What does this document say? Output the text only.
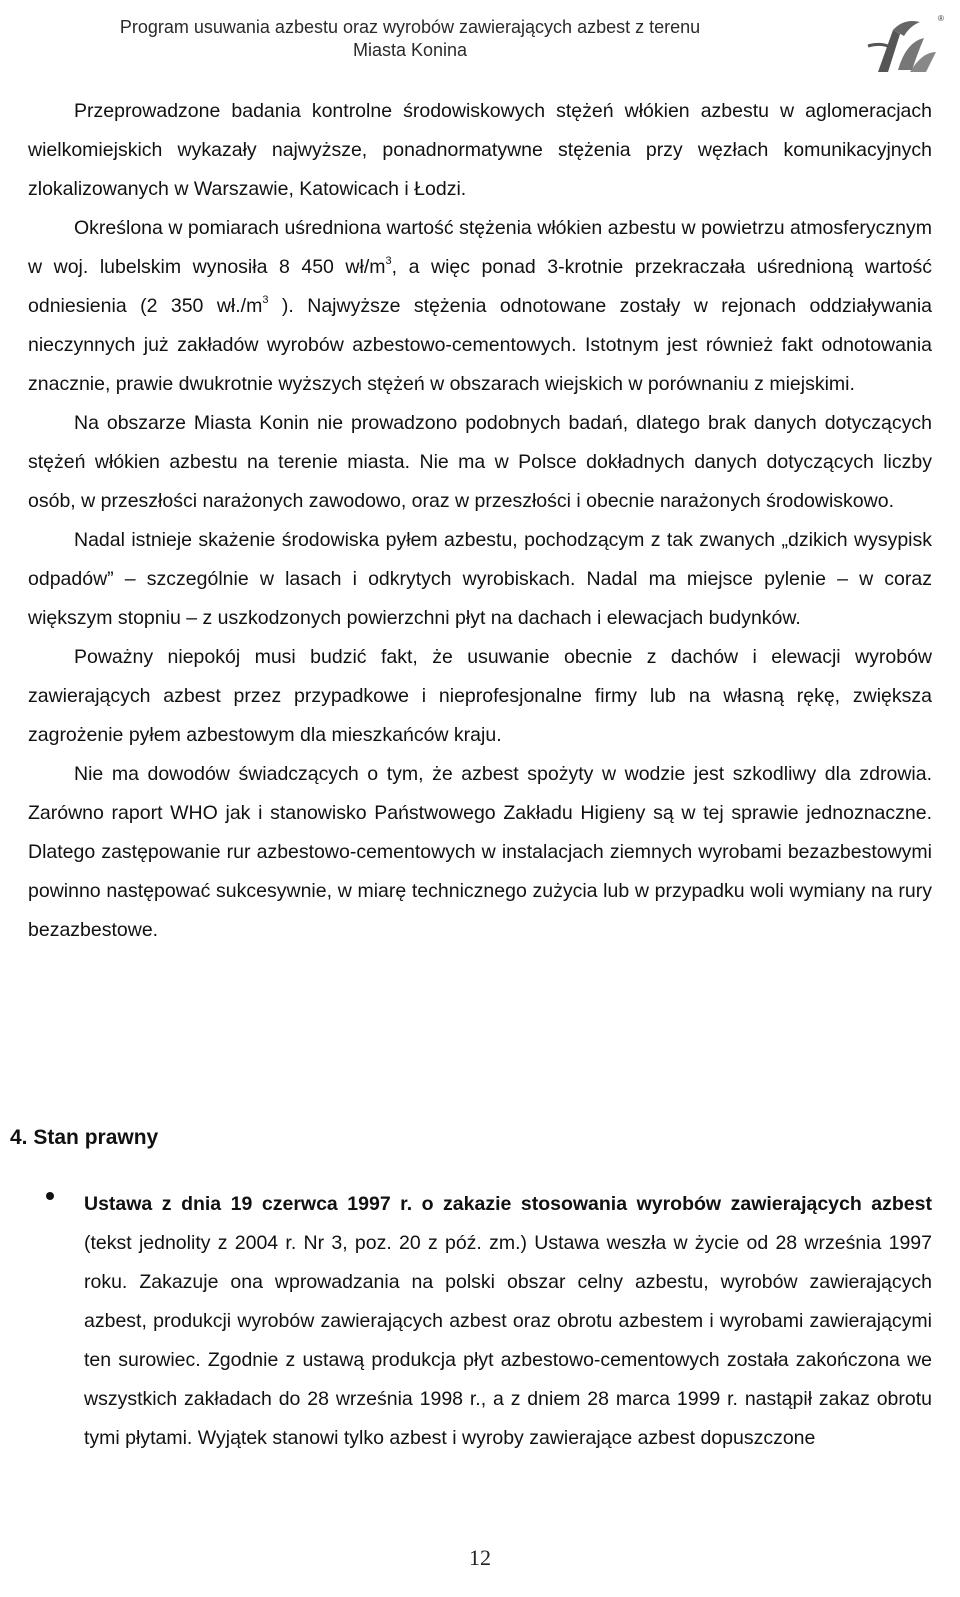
Program usuwania azbestu oraz wyrobów zawierających azbest z terenu
Miasta Konina
®

Przeprowadzone badania kontrolne środowiskowych stężeń włókien azbestu w aglomeracjach wielkomiejskich wykazały najwyższe, ponadnormatywne stężenia przy węzłach komunikacyjnych zlokalizowanych w Warszawie, Katowicach i Łodzi.

Określona w pomiarach uśredniona wartość stężenia włókien azbestu w powietrzu atmosferycznym w woj. lubelskim wynosiła 8 450 $wł/m^3$, a więc ponad 3-krotnie przekraczała uśrednioną wartość odniesienia (2 350 $wł./m^3$ ). Najwyższe stężenia odnotowane zostały w rejonach oddziaływania nieczynnych już zakładów wyrobów azbestowo-cementowych. Istotnym jest również fakt odnotowania znacznie, prawie dwukrotnie wyższych stężeń w obszarach wiejskich w porównaniu z miejskimi.

Na obszarze Miasta Konin nie prowadzono podobnych badań, dlatego brak danych dotyczących stężeń włókien azbestu na terenie miasta. Nie ma w Polsce dokładnych danych dotyczących liczby osób, w przeszłości narażonych zawodowo, oraz w przeszłości i obecnie narażonych środowiskowo.

Nadal istnieje skażenie środowiska pyłem azbestu, pochodzącym z tak zwanych „dzikich wysypisk odpadów” – szczególnie w lasach i odkrytych wyrobiskach. Nadal ma miejsce pylenie – w coraz większym stopniu – z uszkodzonych powierzchni płyt na dachach i elewacjach budynków.

Poważny niepokój musi budzić fakt, że usuwanie obecnie z dachów i elewacji wyrobów zawierających azbest przez przypadkowe i nieprofesjonalne firmy lub na własną rękę, zwiększa zagrożenie pyłem azbestowym dla mieszkańców kraju.

Nie ma dowodów świadczących o tym, że azbest spożyty w wodzie jest szkodliwy dla zdrowia. Zarówno raport WHO jak i stanowisko Państwowego Zakładu Higieny są w tej sprawie jednoznaczne. Dlatego zastępowanie rur azbestowo-cementowych w instalacjach ziemnych wyrobami bezazbestowymi powinno następować sukcesywnie, w miarę technicznego zużycia lub w przypadku woli wymiany na rury bezazbestowe.

4. Stan prawny

Ustawa z dnia 19 czerwca 1997 r. o zakazie stosowania wyrobów zawierających azbest (tekst jednolity z 2004 r. Nr 3, poz. 20 z póź. zm.) Ustawa weszła w życie od 28 września 1997 roku. Zakazuje ona wprowadzania na polski obszar celny azbestu, wyrobów zawierających azbest, produkcji wyrobów zawierających azbest oraz obrotu azbestem i wyrobami zawierającymi ten surowiec. Zgodnie z ustawą produkcja płyt azbestowo-cementowych została zakończona we wszystkich zakładach do 28 września 1998 r., a z dniem 28 marca 1999 r. nastąpił zakaz obrotu tymi płytami. Wyjątek stanowi tylko azbest i wyroby zawierające azbest dopuszczone

12
